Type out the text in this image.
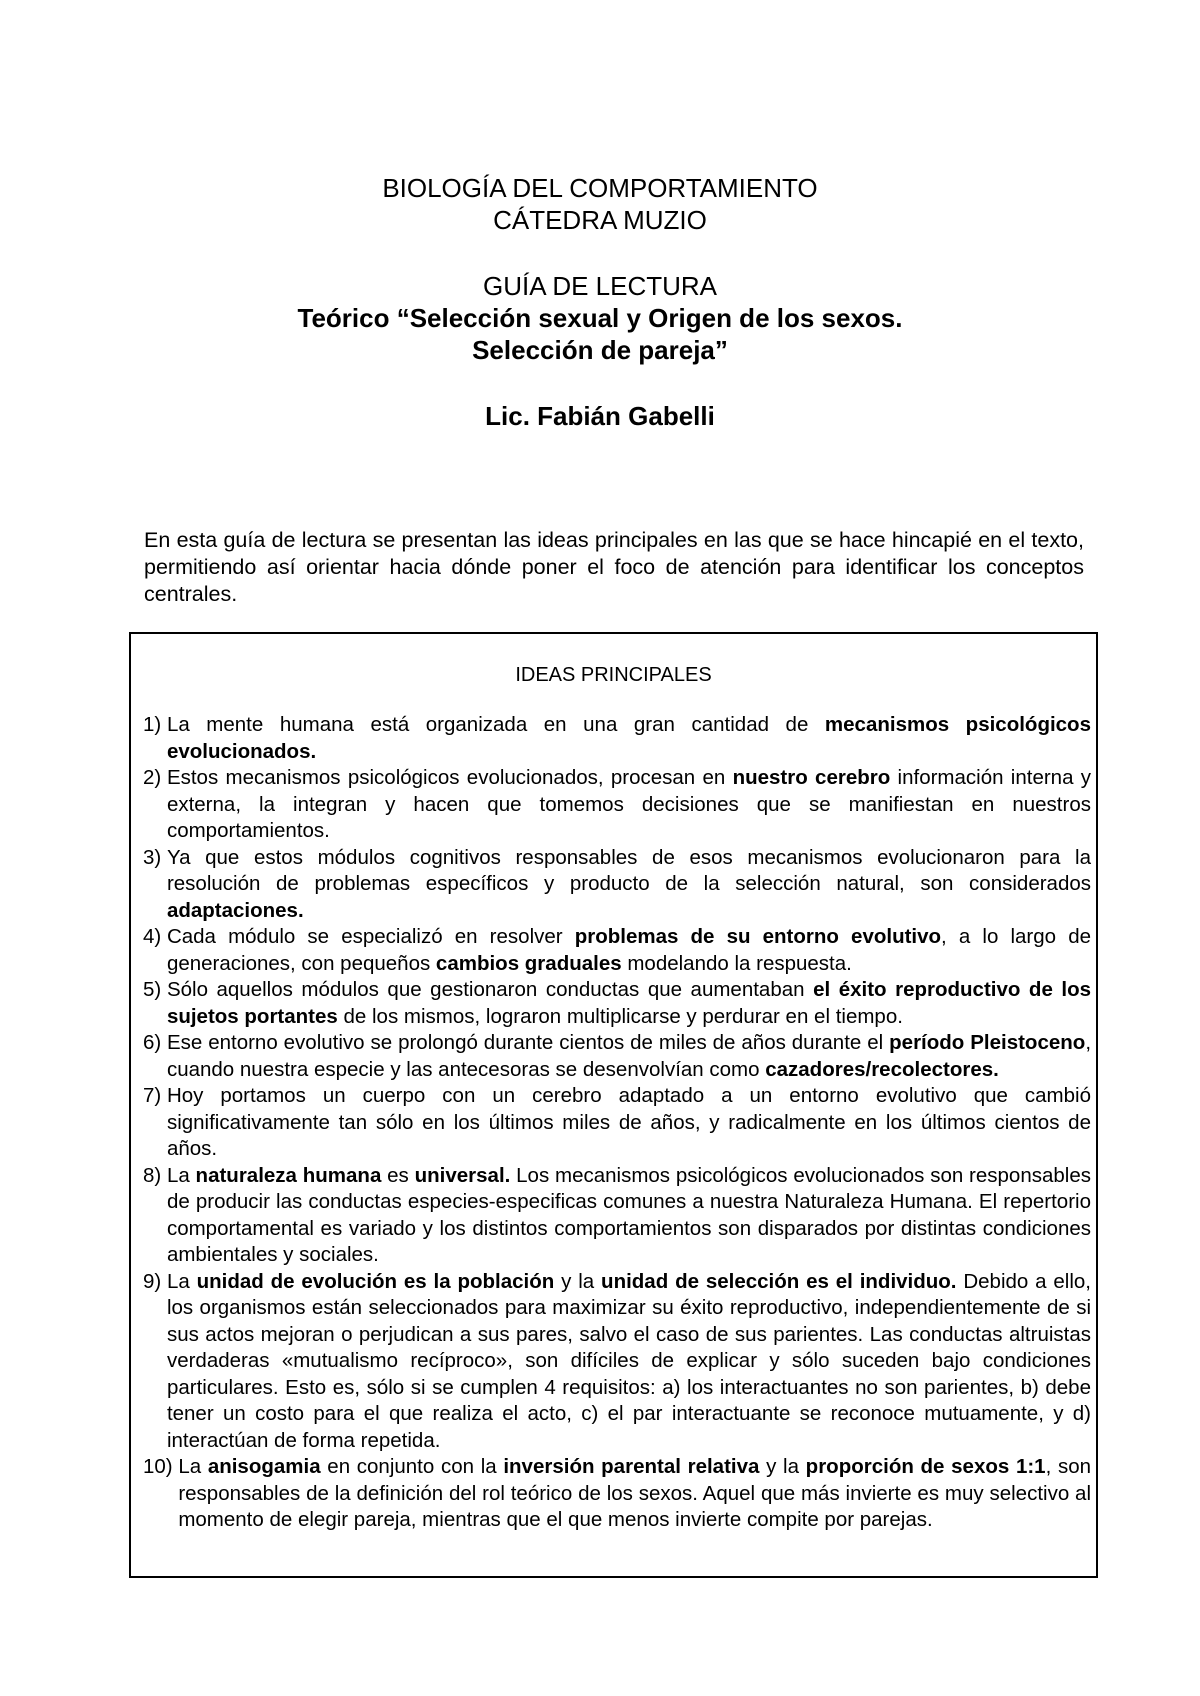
BIOLOGÍA DEL COMPORTAMIENTO
CÁTEDRA MUZIO
GUÍA DE LECTURA
Teórico “Selección sexual y Origen de los sexos.
Selección de pareja”
Lic. Fabián Gabelli

En esta guía de lectura se presentan las ideas principales en las que se hace hincapié en el texto, permitiendo así orientar hacia dónde poner el foco de atención para identificar los conceptos centrales.

IDEAS PRINCIPALES
1) La mente humana está organizada en una gran cantidad de mecanismos psicológicos evolucionados.
2) Estos mecanismos psicológicos evolucionados, procesan en nuestro cerebro información interna y externa, la integran y hacen que tomemos decisiones que se manifiestan en nuestros comportamientos.
3) Ya que estos módulos cognitivos responsables de esos mecanismos evolucionaron para la resolución de problemas específicos y producto de la selección natural, son considerados adaptaciones.
4) Cada módulo se especializó en resolver problemas de su entorno evolutivo, a lo largo de generaciones, con pequeños cambios graduales modelando la respuesta.
5) Sólo aquellos módulos que gestionaron conductas que aumentaban el éxito reproductivo de los sujetos portantes de los mismos, lograron multiplicarse y perdurar en el tiempo.
6) Ese entorno evolutivo se prolongó durante cientos de miles de años durante el período Pleistoceno, cuando nuestra especie y las antecesoras se desenvolvían como cazadores/recolectores.
7) Hoy portamos un cuerpo con un cerebro adaptado a un entorno evolutivo que cambió significativamente tan sólo en los últimos miles de años, y radicalmente en los últimos cientos de años.
8) La naturaleza humana es universal. Los mecanismos psicológicos evolucionados son responsables de producir las conductas especies-especificas comunes a nuestra Naturaleza Humana. El repertorio comportamental es variado y los distintos comportamientos son disparados por distintas condiciones ambientales y sociales.
9) La unidad de evolución es la población y la unidad de selección es el individuo. Debido a ello, los organismos están seleccionados para maximizar su éxito reproductivo, independientemente de si sus actos mejoran o perjudican a sus pares, salvo el caso de sus parientes. Las conductas altruistas verdaderas «mutualismo recíproco», son difíciles de explicar y sólo suceden bajo condiciones particulares. Esto es, sólo si se cumplen 4 requisitos: a) los interactuantes no son parientes, b) debe tener un costo para el que realiza el acto, c) el par interactuante se reconoce mutuamente, y d) interactúan de forma repetida.
10) La anisogamia en conjunto con la inversión parental relativa y la proporción de sexos 1:1, son responsables de la definición del rol teórico de los sexos. Aquel que más invierte es muy selectivo al momento de elegir pareja, mientras que el que menos invierte compite por parejas.
